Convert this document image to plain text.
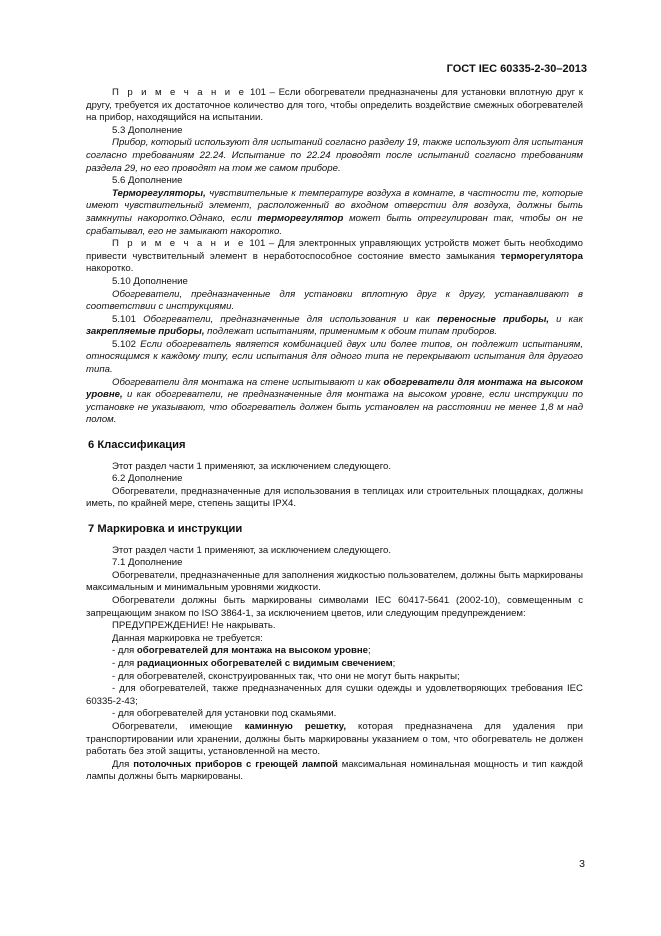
ГОСТ IEC 60335-2-30–2013

П р и м е ч а н и е 101 – Если обогреватели предназначены для установки вплотную друг к другу, требуется их достаточное количество для того, чтобы определить воздействие смежных обогревателей на прибор, находящийся на испытании.

5.3 Дополнение

Прибор, который используют для испытаний согласно разделу 19, также используют для испытания согласно требованиям 22.24. Испытание по 22.24 проводят после испытаний согласно требованиям раздела 29, но его проводят на том же самом приборе.

5.6 Дополнение

Терморегуляторы, чувствительные к температуре воздуха в комнате, в частности те, которые имеют чувствительный элемент, расположенный во входном отверстии для воздуха, должны быть замкнуты накоротко.Однако, если терморегулятор может быть отрегулирован так, чтобы он не срабатывал, его не замыкают накоротко.

П р и м е ч а н и е 101 – Для электронных управляющих устройств может быть необходимо привести чувствительный элемент в неработоспособное состояние вместо замыкания терморегулятора накоротко.

5.10 Дополнение

Обогреватели, предназначенные для установки вплотную друг к другу, устанавливают в соответствии с инструкциями.

5.101 Обогреватели, предназначенные для использования и как переносные приборы, и как закрепляемые приборы, подлежат испытаниям, применимым к обоим типам приборов.

5.102 Если обогреватель является комбинацией двух или более типов, он подлежит испытаниям, относящимся к каждому типу, если испытания для одного типа не перекрывают испытания для другого типа.

Обогреватели для монтажа на стене испытывают и как обогреватели для монтажа на высоком уровне, и как обогреватели, не предназначенные для монтажа на высоком уровне, если инструкции по установке не указывают, что обогреватель должен быть установлен на расстоянии не менее 1,8 м над полом.

6 Классификация

Этот раздел части 1 применяют, за исключением следующего.

6.2 Дополнение

Обогреватели, предназначенные для использования в теплицах или строительных площадках, должны иметь, по крайней мере, степень защиты IPX4.

7 Маркировка и инструкции

Этот раздел части 1 применяют, за исключением следующего.

7.1 Дополнение

Обогреватели, предназначенные для заполнения жидкостью пользователем, должны быть маркированы максимальным и минимальным уровнями жидкости.

Обогреватели должны быть маркированы символами IEC 60417-5641 (2002-10), совмещенным с запрещающим знаком по ISO 3864-1, за исключением цветов, или следующим предупреждением:

ПРЕДУПРЕЖДЕНИЕ! Не накрывать.

Данная маркировка не требуется:

- для обогревателей для монтажа на высоком уровне;

- для радиационных обогревателей с видимым свечением;

- для обогревателей, сконструированных так, что они не могут быть накрыты;

- для обогревателей, также предназначенных для сушки одежды и удовлетворяющих требования IEC 60335-2-43;

- для обогревателей для установки под скамьями.

Обогреватели, имеющие каминную решетку, которая предназначена для удаления при транспортировании или хранении, должны быть маркированы указанием о том, что обогреватель не должен работать без этой защиты, установленной на место.

Для потолочных приборов с греющей лампой максимальная номинальная мощность и тип каждой лампы должны быть маркированы.

3
